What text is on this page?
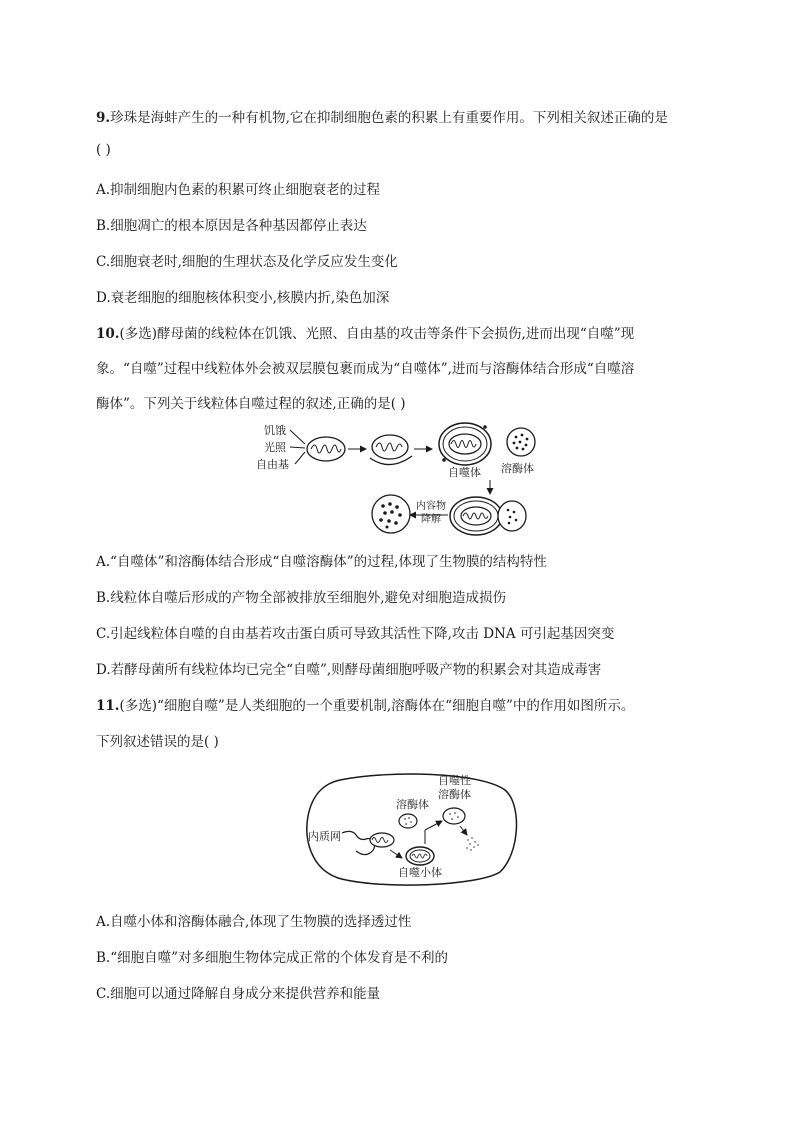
9.珍珠是海蚌产生的一种有机物,它在抑制细胞色素的积累上有重要作用。下列相关叙述正确的是
( )
A.抑制细胞内色素的积累可终止细胞衰老的过程
B.细胞凋亡的根本原因是各种基因都停止表达
C.细胞衰老时,细胞的生理状态及化学反应发生变化
D.衰老细胞的细胞核体积变小,核膜内折,染色加深
10.(多选)酵母菌的线粒体在饥饿、光照、自由基的攻击等条件下会损伤,进而出现“自噬”现
象。“自噬”过程中线粒体外会被双层膜包裹而成为“自噬体”,进而与溶酶体结合形成“自噬溶
酶体”。下列关于线粒体自噬过程的叙述,正确的是( )
饥饿
光照
自由基
自噬体 溶酶体
内容物
降解
A.“自噬体”和溶酶体结合形成“自噬溶酶体”的过程,体现了生物膜的结构特性
B.线粒体自噬后形成的产物全部被排放至细胞外,避免对细胞造成损伤
C.引起线粒体自噬的自由基若攻击蛋白质可导致其活性下降,攻击 DNA 可引起基因突变
D.若酵母菌所有线粒体均已完全“自噬”,则酵母菌细胞呼吸产物的积累会对其造成毒害
11.(多选)“细胞自噬”是人类细胞的一个重要机制,溶酶体在“细胞自噬”中的作用如图所示。
下列叙述错误的是( )
内质网
自噬小体
溶酶体
自噬性
溶酶体
A.自噬小体和溶酶体融合,体现了生物膜的选择透过性
B.“细胞自噬”对多细胞生物体完成正常的个体发育是不利的
C.细胞可以通过降解自身成分来提供营养和能量
